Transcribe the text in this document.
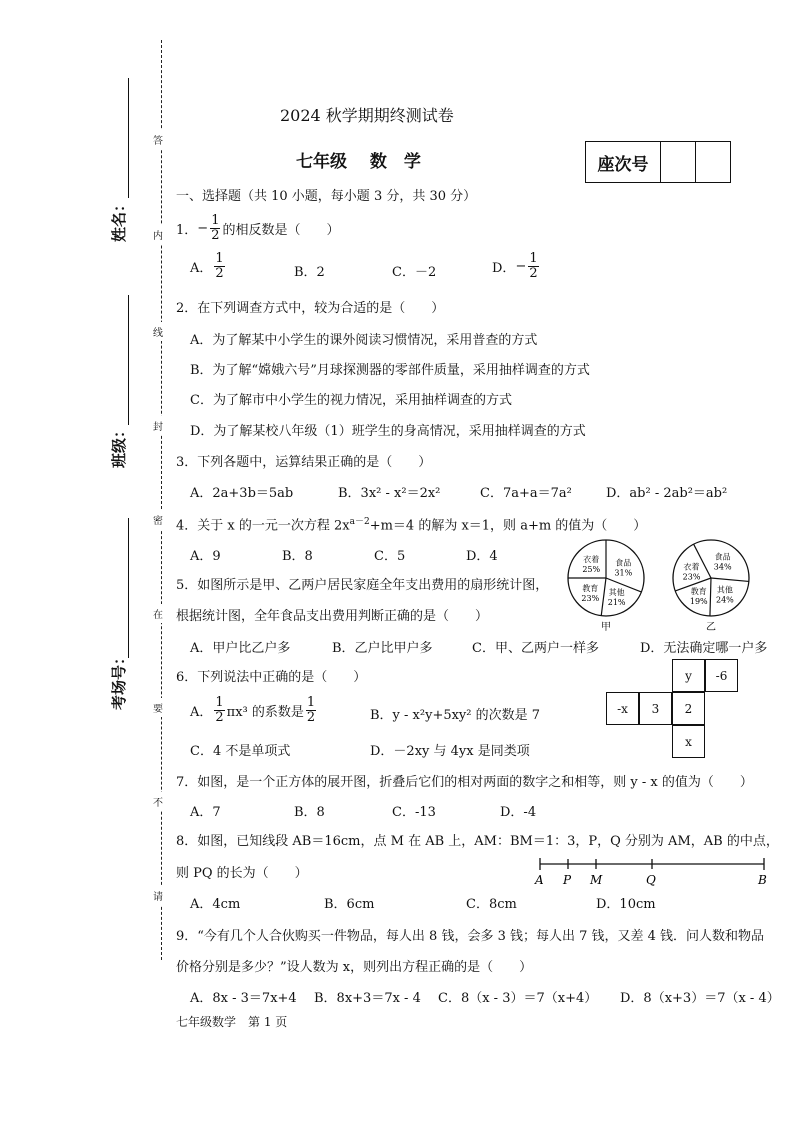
答
内
线
封
密
在
要
不
请
姓名：
班级：
考场号：
2024 秋学期期终测试卷
七年级　 数　学	座次号
一、选择题（共 10 小题，每小题 3 分，共 30 分）
1． − $\frac{1}{2}$ 的相反数是（　　）
A． $\frac{1}{2}$	B．2	C．－2	D． − $\frac{1}{2}$
2．在下列调查方式中，较为合适的是（　　）
A．为了解某中小学生的课外阅读习惯情况，采用普查的方式
B．为了解“嫦娥六号”月球探测器的零部件质量，采用抽样调查的方式
C．为了解市中小学生的视力情况，采用抽样调查的方式
D．为了解某校八年级（1）班学生的身高情况，采用抽样调查的方式
3．下列各题中，运算结果正确的是（　　）
A．2a+3b＝5ab	B．3x² - x²＝2x²	C．7a+a＝7a²	D．ab² - 2ab²＝ab²
4．关于 x 的一元一次方程 $2x^{a-2}+m=4$ 的解为 x＝1，则 a+m 的值为（　　）
A．9	B．8	C．5	D．4
5．如图所示是甲、乙两户居民家庭全年支出费用的扇形统计图，
根据统计图，全年食品支出费用判断正确的是（　　）
A．甲户比乙户多	B．乙户比甲户多	C．甲、乙两户一样多	D．无法确定哪一户多
衣着
25%
食品
31%
其他
21%
教育
23%
甲
衣着
23%
食品
34%
其他
24%
教育
19%
乙
6．下列说法中正确的是（　　）
A． $\frac{1}{2} \pi x^3$ 的系数是 $\frac{1}{2}$	B．y - x²y+5xy² 的次数是 7
C．4 不是单项式	D．－2xy 与 4yx 是同类项
y	-6
-x	3	2
x
7．如图，是一个正方体的展开图，折叠后它们的相对两面的数字之和相等，则 y - x 的值为（　　）
A．7	B．8	C．-13	D．-4
8．如图，已知线段 AB＝16cm，点 M 在 AB 上，AM：BM＝1：3，P，Q 分别为 AM，AB 的中点，
则 PQ 的长为（　　）
A．4cm	B．6cm	C．8cm	D．10cm
A P M	Q	B
9．“今有几个人合伙购买一件物品，每人出 8 钱，会多 3 钱；每人出 7 钱，又差 4 钱．问人数和物品
价格分别是多少？”设人数为 x，则列出方程正确的是（　　）
A．8x - 3＝7x+4 B．8x+3＝7x - 4 C．8（x - 3）＝7（x+4） D．8（x+3）＝7（x - 4）
七年级数学　第 1 页
